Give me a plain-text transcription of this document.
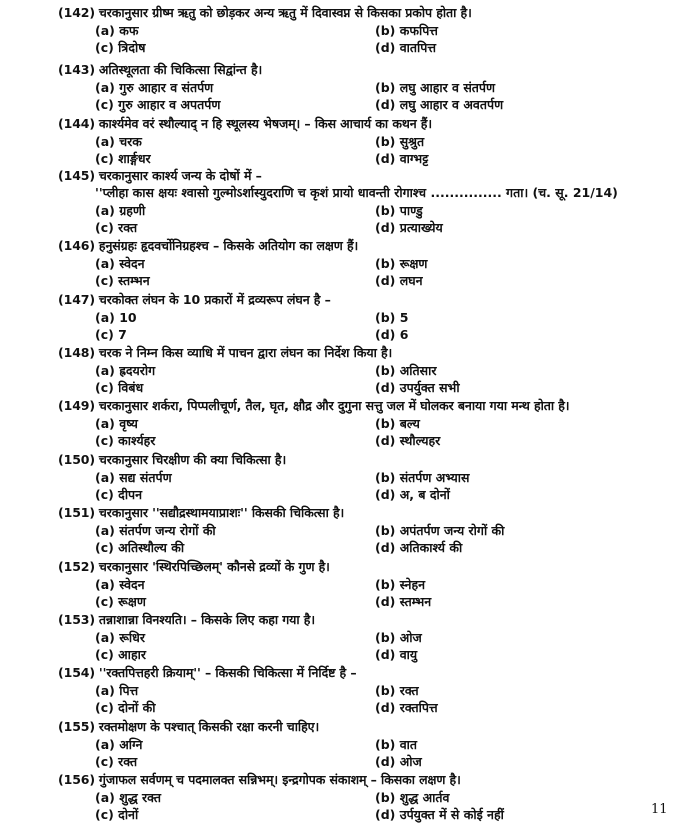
(142) चरकानुसार ग्रीष्म ऋतु को छोड़कर अन्य ऋतु में दिवास्वप्न से किसका प्रकोप होता है।
(a) कफ	(b) कफपित्त
(c) त्रिदोष	(d) वातपित्त
(143) अतिस्थूलता की चिकित्सा सिद्वांन्त है।
(a) गुरु आहार व संतर्पण	(b) लघु आहार व संतर्पण
(c) गुरु आहार व अपतर्पण	(d) लघु आहार व अवतर्पण
(144) कार्श्यमेव वरं स्थौल्याद् न हि स्थूलस्य भेषजम्। – किस आचार्य का कथन हैं।
(a) चरक	(b) सुश्रुत
(c) शार्ङ्गधर	(d) वाग्भट्ट
(145) चरकानुसार कार्श्य जन्य के दोषों में –
''प्लीहा कास क्षयः श्वासो गुल्मोऽर्शास्युदराणि च कृशं प्रायो धावन्ती रोगाश्च ............... गता। (च. सू. 21/14)
(a) ग्रहणी	(b) पाण्डु
(c) रक्त	(d) प्रत्याख्येय
(146) हनुसंग्रहः हृदवर्चोनिग्रहश्च – किसके अतियोग का लक्षण हैं।
(a) स्वेदन	(b) रूक्षण
(c) स्तम्भन	(d) लघन
(147) चरकोक्त लंघन के 10 प्रकारों में द्रव्यरूप लंघन है –
(a) 10	(b) 5
(c) 7	(d) 6
(148) चरक ने निम्न किस व्याधि में पाचन द्वारा लंघन का निर्देश किया है।
(a) ह्रदयरोग	(b) अतिसार
(c) विबंध	(d) उपर्युक्त सभी
(149) चरकानुसार शर्करा, पिप्पलीचूर्ण, तैल, घृत, क्षौद्र और दुगुना सत्तु जल में घोलकर बनाया गया मन्थ होता है।
(a) वृष्य	(b) बल्य
(c) कार्श्यहर	(d) स्थौल्यहर
(150) चरकानुसार चिरक्षीण की क्या चिकित्सा है।
(a) सद्य संतर्पण	(b) संतर्पण अभ्यास
(c) दीपन	(d) अ, ब दोनों
(151) चरकानुसार ''सद्यौद्रस्थामयाप्राशः'' किसकी चिकित्सा है।
(a) संतर्पण जन्य रोगों की	(b) अपंतर्पण जन्य रोगों की
(c) अतिस्थौल्य की	(d) अतिकार्श्य की
(152) चरकानुसार 'स्थिरपिच्छिलम्' कौनसे द्रव्यों के गुण है।
(a) स्वेदन	(b) स्नेहन
(c) रूक्षण	(d) स्तम्भन
(153) तन्नाशान्ना विनश्यति। – किसके लिए कहा गया है।
(a) रूधिर	(b) ओज
(c) आहार	(d) वायु
(154) ''रक्तपित्तहरी क्रियाम्'' – किसकी चिकित्सा में निर्दिष्ट है –
(a) पित्त	(b) रक्त
(c) दोनों की	(d) रक्तपित्त
(155) रक्तमोक्षण के पश्चात् किसकी रक्षा करनी चाहिए।
(a) अग्नि	(b) वात
(c) रक्त	(d) ओज
(156) गुंजाफल सर्वणम् च पदमालक्त सन्निभम्। इन्द्रगोपक संकाशम् – किसका लक्षण है।
(a) शुद्ध रक्त	(b) शुद्ध आर्तव
(c) दोनों	(d) उर्पयुक्त में से कोई नहीं	11
